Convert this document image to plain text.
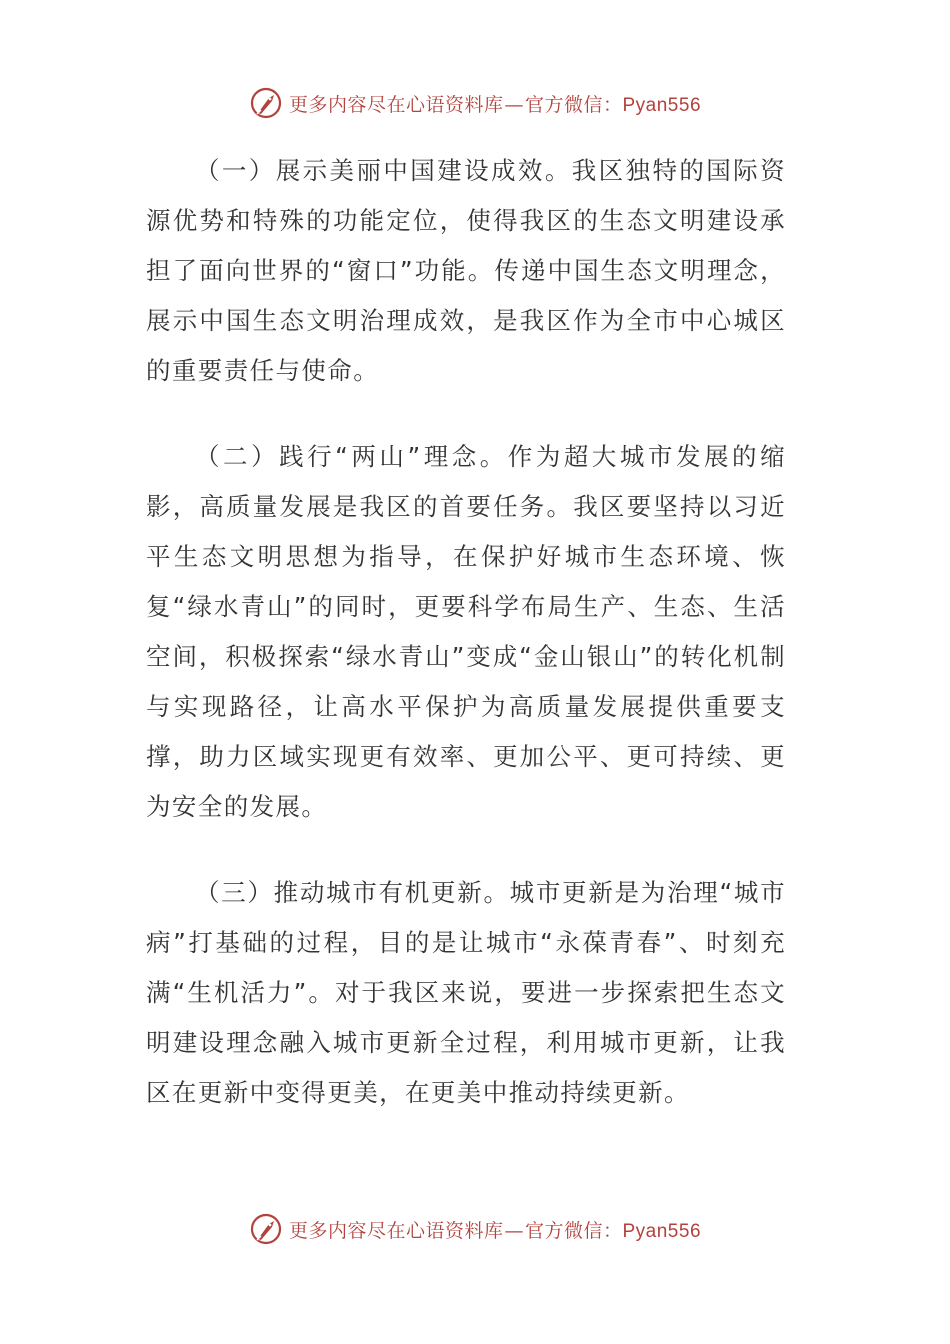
更多内容尽在心语资料库—官方微信：Pyan556

（一）展示美丽中国建设成效。我区独特的国际资源优势和特殊的功能定位，使得我区的生态文明建设承担了面向世界的“窗口”功能。传递中国生态文明理念，展示中国生态文明治理成效，是我区作为全市中心城区的重要责任与使命。

（二）践行“两山”理念。作为超大城市发展的缩影，高质量发展是我区的首要任务。我区要坚持以习近平生态文明思想为指导，在保护好城市生态环境、恢复“绿水青山”的同时，更要科学布局生产、生态、生活空间，积极探索“绿水青山”变成“金山银山”的转化机制与实现路径，让高水平保护为高质量发展提供重要支撑，助力区域实现更有效率、更加公平、更可持续、更为安全的发展。

（三）推动城市有机更新。城市更新是为治理“城市病”打基础的过程，目的是让城市“永葆青春”、时刻充满“生机活力”。对于我区来说，要进一步探索把生态文明建设理念融入城市更新全过程，利用城市更新，让我区在更新中变得更美，在更美中推动持续更新。

更多内容尽在心语资料库—官方微信：Pyan556
